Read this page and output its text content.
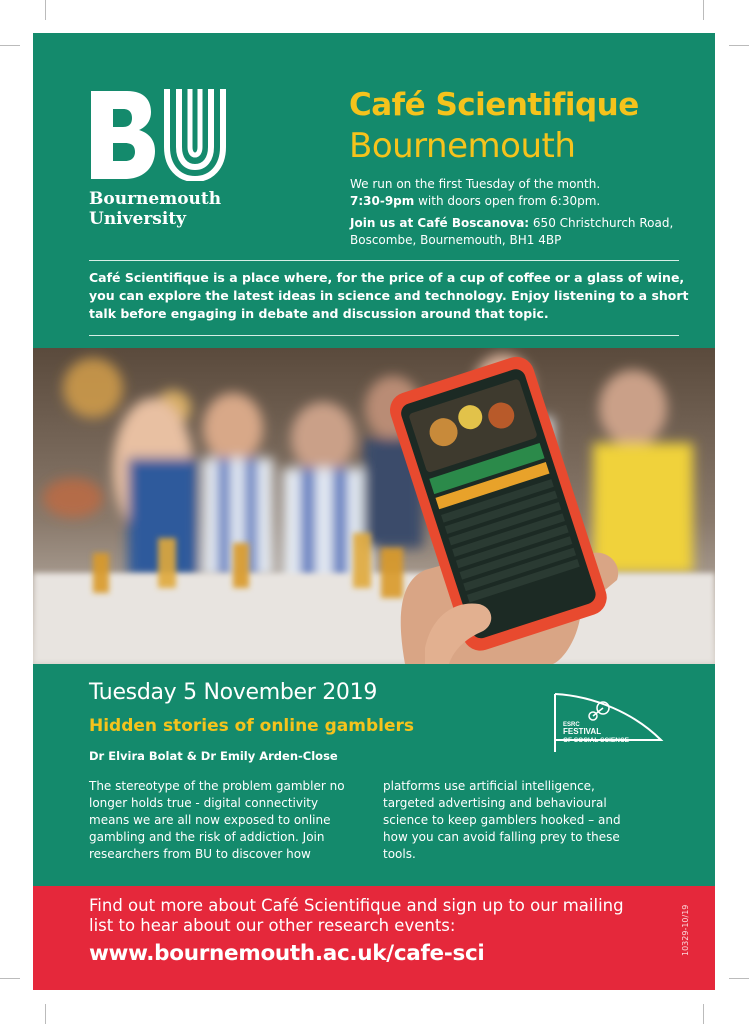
Bournemouth
University
Café Scientifique
Bournemouth

We run on the first Tuesday of the month.

7:30-9pm with doors open from 6:30pm.

Join us at Café Boscanova: 650 Christchurch Road, Boscombe, Bournemouth, BH1 4BP

Café Scientifique is a place where, for the price of a cup of coffee or a glass of wine, you can explore the latest ideas in science and technology. Enjoy listening to a short talk before engaging in debate and discussion around that topic.

Tuesday 5 November 2019
Hidden stories of online gamblers
Dr Elvira Bolat & Dr Emily Arden-Close

The stereotype of the problem gambler no longer holds true - digital connectivity means we are all now exposed to online gambling and the risk of addiction. Join researchers from BU to discover how

platforms use artificial intelligence, targeted advertising and behavioural science to keep gamblers hooked – and how you can avoid falling prey to these tools.

ESRC
FESTIVAL
OF SOCIAL SCIENCE

Find out more about Café Scientifique and sign up to our mailing list to hear about our other research events:

www.bournemouth.ac.uk/cafe-sci	10329-10/19
